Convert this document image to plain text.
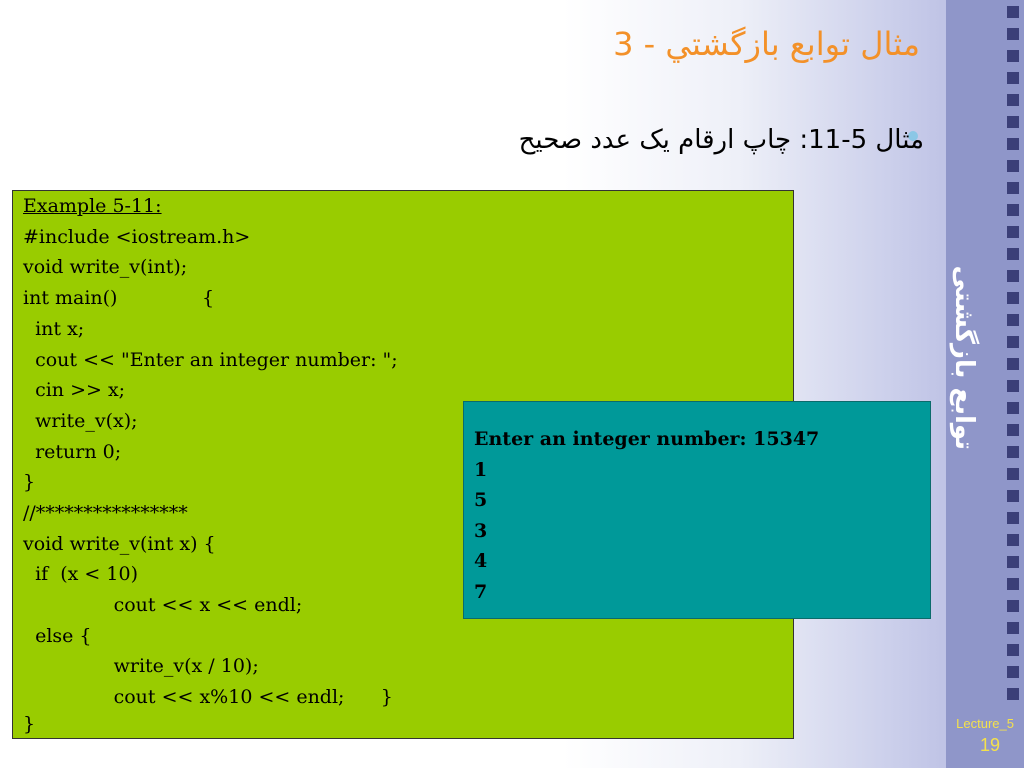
توابع بازگشتی
مثال توابع بازگشتي - 3
مثال 5-11: چاپ ارقام یک عدد صحیح
Example 5-11:
#include <iostream.h>
void write_v(int);
int main()              {
int x;
cout << "Enter an integer number: ";
cin >> x;
write_v(x);
return 0;
}
//****************
void write_v(int x) {
if  (x < 10)
cout << x << endl;
else {
write_v(x / 10);
cout << x%10 << endl;      }
}
Enter an integer number: 15347
1
5
3
4
7
Lecture_5
19
